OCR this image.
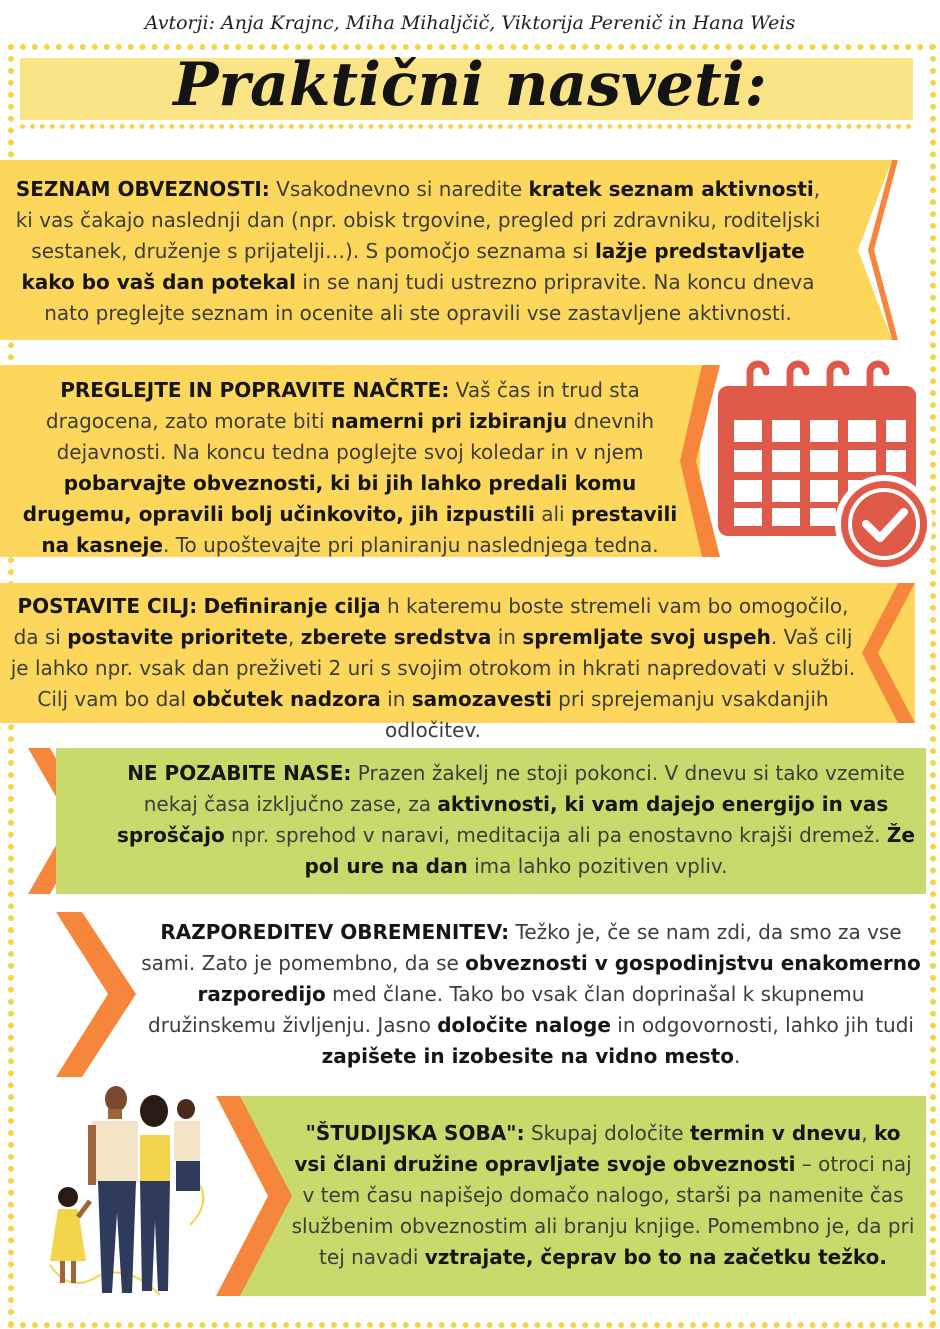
Avtorji: Anja Krajnc, Miha Mihaljčič, Viktorija Perenič in Hana Weis
Praktični nasveti:

SEZNAM OBVEZNOSTI: Vsakodnevno si naredite kratek seznam aktivnosti, ki vas čakajo naslednji dan (npr. obisk trgovine, pregled pri zdravniku, roditeljski sestanek, druženje s prijatelji…). S pomočjo seznama si lažje predstavljate kako bo vaš dan potekal in se nanj tudi ustrezno pripravite. Na koncu dneva nato preglejte seznam in ocenite ali ste opravili vse zastavljene aktivnosti.

PREGLEJTE IN POPRAVITE NAČRTE: Vaš čas in trud sta dragocena, zato morate biti namerni pri izbiranju dnevnih dejavnosti. Na koncu tedna poglejte svoj koledar in v njem pobarvajte obveznosti, ki bi jih lahko predali komu drugemu, opravili bolj učinkovito, jih izpustili ali prestavili na kasneje. To upoštevajte pri planiranju naslednjega tedna.

POSTAVITE CILJ: Definiranje cilja h kateremu boste stremeli vam bo omogočilo, da si postavite prioritete, zberete sredstva in spremljate svoj uspeh. Vaš cilj je lahko npr. vsak dan preživeti 2 uri s svojim otrokom in hkrati napredovati v službi. Cilj vam bo dal občutek nadzora in samozavesti pri sprejemanju vsakdanjih odločitev.

NE POZABITE NASE: Prazen žakelj ne stoji pokonci. V dnevu si tako vzemite nekaj časa izključno zase, za aktivnosti, ki vam dajejo energijo in vas sproščajo npr. sprehod v naravi, meditacija ali pa enostavno krajši dremež. Že pol ure na dan ima lahko pozitiven vpliv.

RAZPOREDITEV OBREMENITEV: Težko je, če se nam zdi, da smo za vse sami. Zato je pomembno, da se obveznosti v gospodinjstvu enakomerno razporedijo med člane. Tako bo vsak član doprinašal k skupnemu družinskemu življenju. Jasno določite naloge in odgovornosti, lahko jih tudi zapišete in izobesite na vidno mesto.

"ŠTUDIJSKA SOBA": Skupaj določite termin v dnevu, ko vsi člani družine opravljate svoje obveznosti – otroci naj v tem času napišejo domačo nalogo, starši pa namenite čas službenim obveznostim ali branju knjige. Pomembno je, da pri tej navadi vztrajate, čeprav bo to na začetku težko.
